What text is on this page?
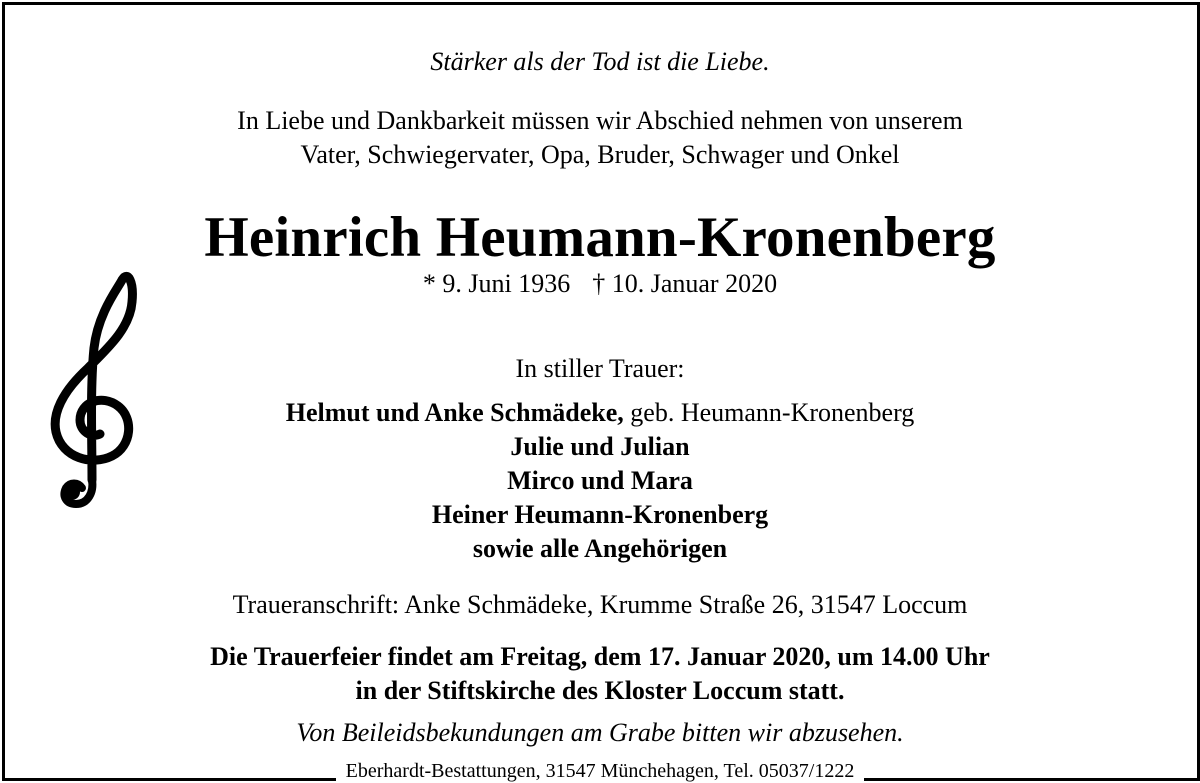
Stärker als der Tod ist die Liebe.
In Liebe und Dankbarkeit müssen wir Abschied nehmen von unserem
Vater, Schwiegervater, Opa, Bruder, Schwager und Onkel
Heinrich Heumann-Kronenberg
* 9. Juni 1936 † 10. Januar 2020
In stiller Trauer:
Helmut und Anke Schmädeke, geb. Heumann-Kronenberg
Julie und Julian
Mirco und Mara
Heiner Heumann-Kronenberg
sowie alle Angehörigen
Traueranschrift: Anke Schmädeke, Krumme Straße 26, 31547 Loccum
Die Trauerfeier findet am Freitag, dem 17. Januar 2020, um 14.00 Uhr
in der Stiftskirche des Kloster Loccum statt.
Von Beileidsbekundungen am Grabe bitten wir abzusehen.
Eberhardt-Bestattungen, 31547 Münchehagen, Tel. 05037/1222
